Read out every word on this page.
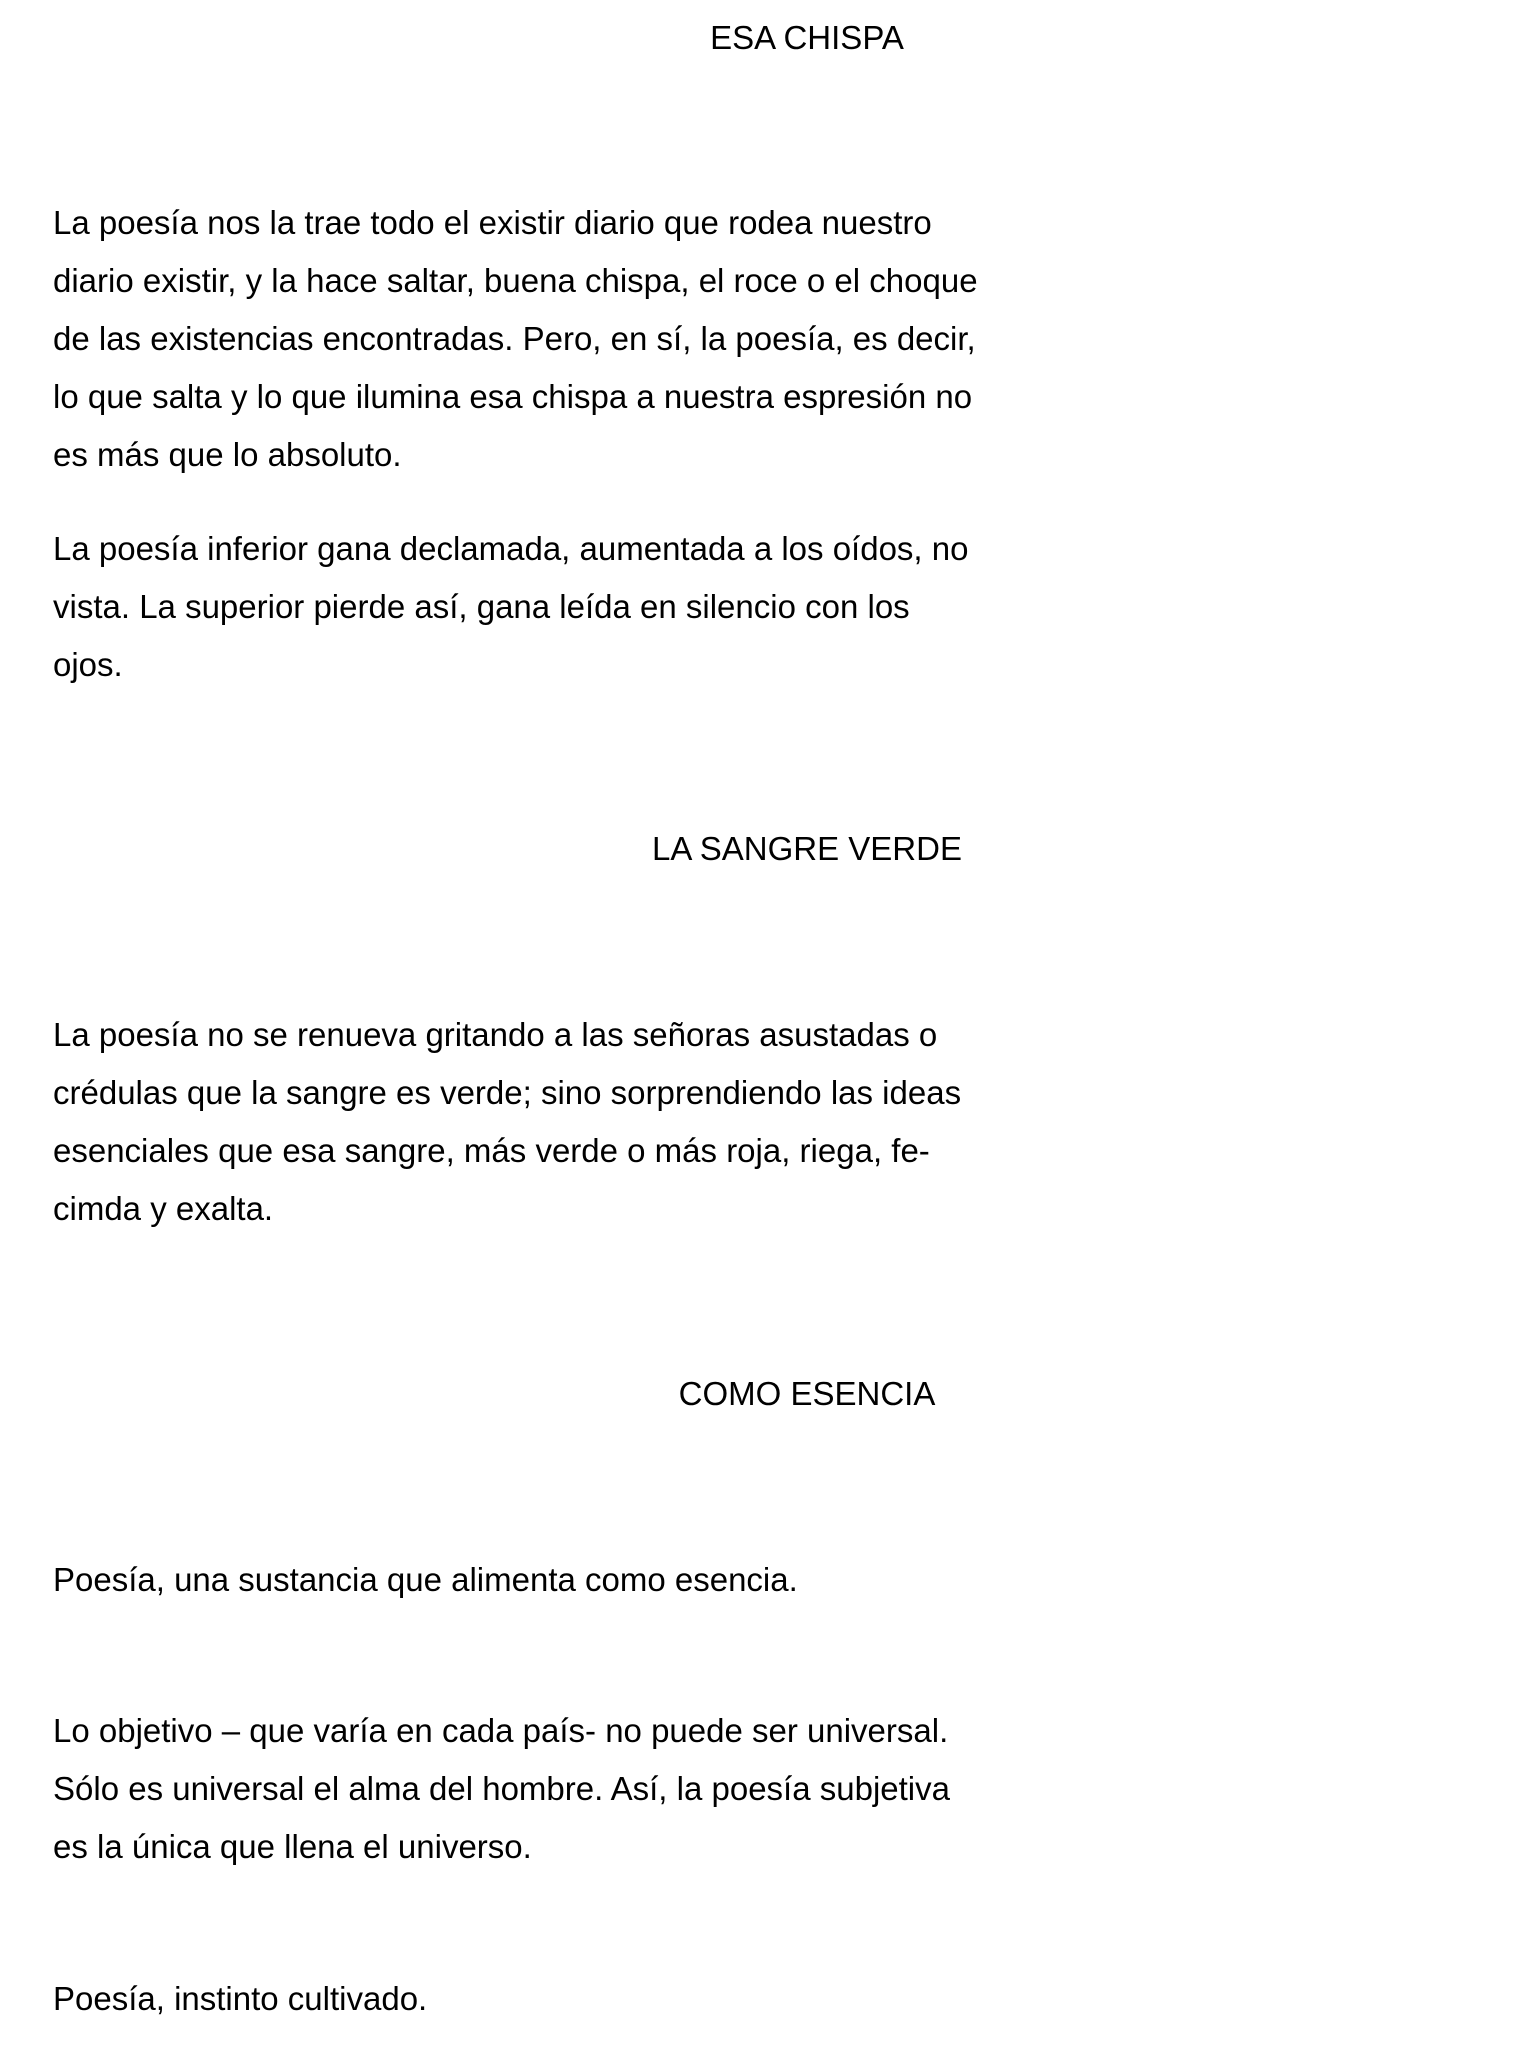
ESA CHISPA
La poesía nos la trae todo el existir diario que rodea nuestro
diario existir, y la hace saltar, buena chispa, el roce o el choque
de las existencias encontradas. Pero, en sí, la poesía, es decir,
lo que salta y lo que ilumina esa chispa a nuestra espresión no
es más que lo absoluto.
La poesía inferior gana declamada, aumentada a los oídos, no
vista. La superior pierde así, gana leída en silencio con los
ojos.
LA SANGRE VERDE
La poesía no se renueva gritando a las señoras asustadas o
crédulas que la sangre es verde; sino sorprendiendo las ideas
esenciales que esa sangre, más verde o más roja, riega, fe-
cimda y exalta.
COMO ESENCIA
Poesía, una sustancia que alimenta como esencia.
Lo objetivo – que varía en cada país- no puede ser universal.
Sólo es universal el alma del hombre. Así, la poesía subjetiva
es la única que llena el universo.
Poesía, instinto cultivado.
